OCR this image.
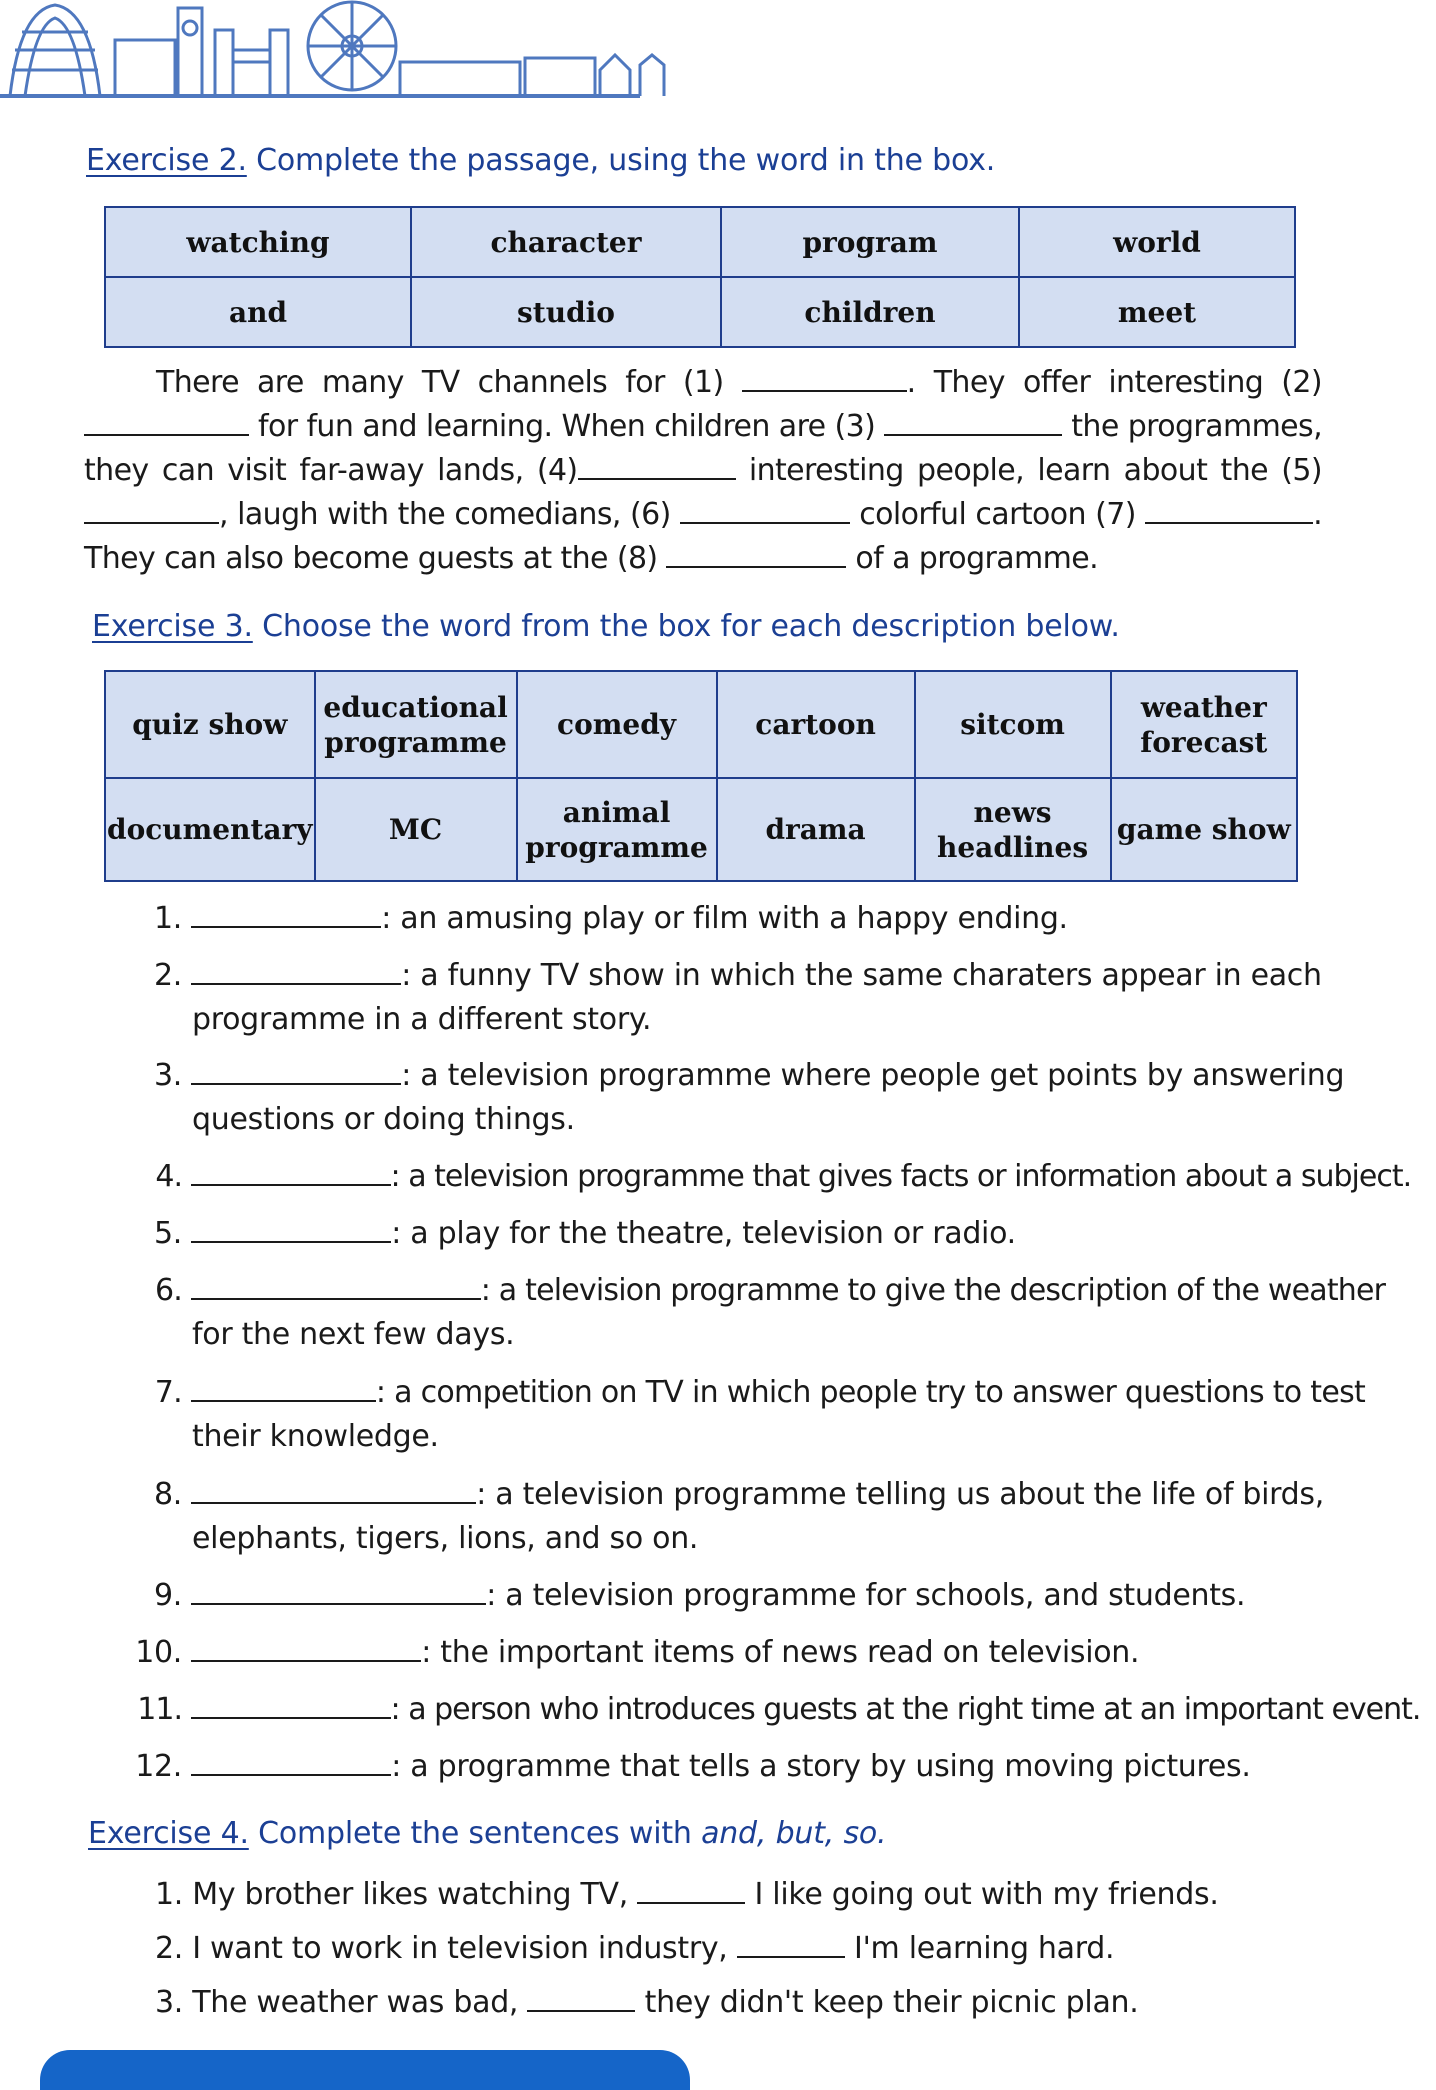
Exercise 2. Complete the passage, using the word in the box.
watching	character	program	world
and	studio	children	meet

There are many TV channels for (1)	. They offer interesting (2)  for fun and learning. When children are (3)	the programmes, they can visit far-away lands, (4)	interesting people, learn about the (5), laugh with the comedians, (6)	colorful cartoon (7)	. They can also become guests at the (8)	of a programme.

Exercise 3. Choose the word from the box for each description below.
quiz show	educational programme	comedy	cartoon	sitcom	weather forecast
documentary	MC	animal programme	drama	news headlines	game show
1.	: an amusing play or film with a happy ending.
2.	: a funny TV show in which the same charaters appear in each
programme in a different story.
3.	: a television programme where people get points by answering
questions or doing things.
4.	: a television programme that gives facts or information about a subject.
5.	: a play for the theatre, television or radio.
6.	: a television programme to give the description of the weather
for the next few days.
7.	: a competition on TV in which people try to answer questions to test
their knowledge.
8.	: a television programme telling us about the life of birds,
elephants, tigers, lions, and so on.
9.	: a television programme for schools, and students.
10.	: the important items of news read on television.
11.	: a person who introduces guests at the right time at an important event.
12.	: a programme that tells a story by using moving pictures.
Exercise 4. Complete the sentences with and, but, so.
1. My brother likes watching TV,	I like going out with my friends.
2. I want to work in television industry,	I'm learning hard.
3. The weather was bad,	they didn't keep their picnic plan.
